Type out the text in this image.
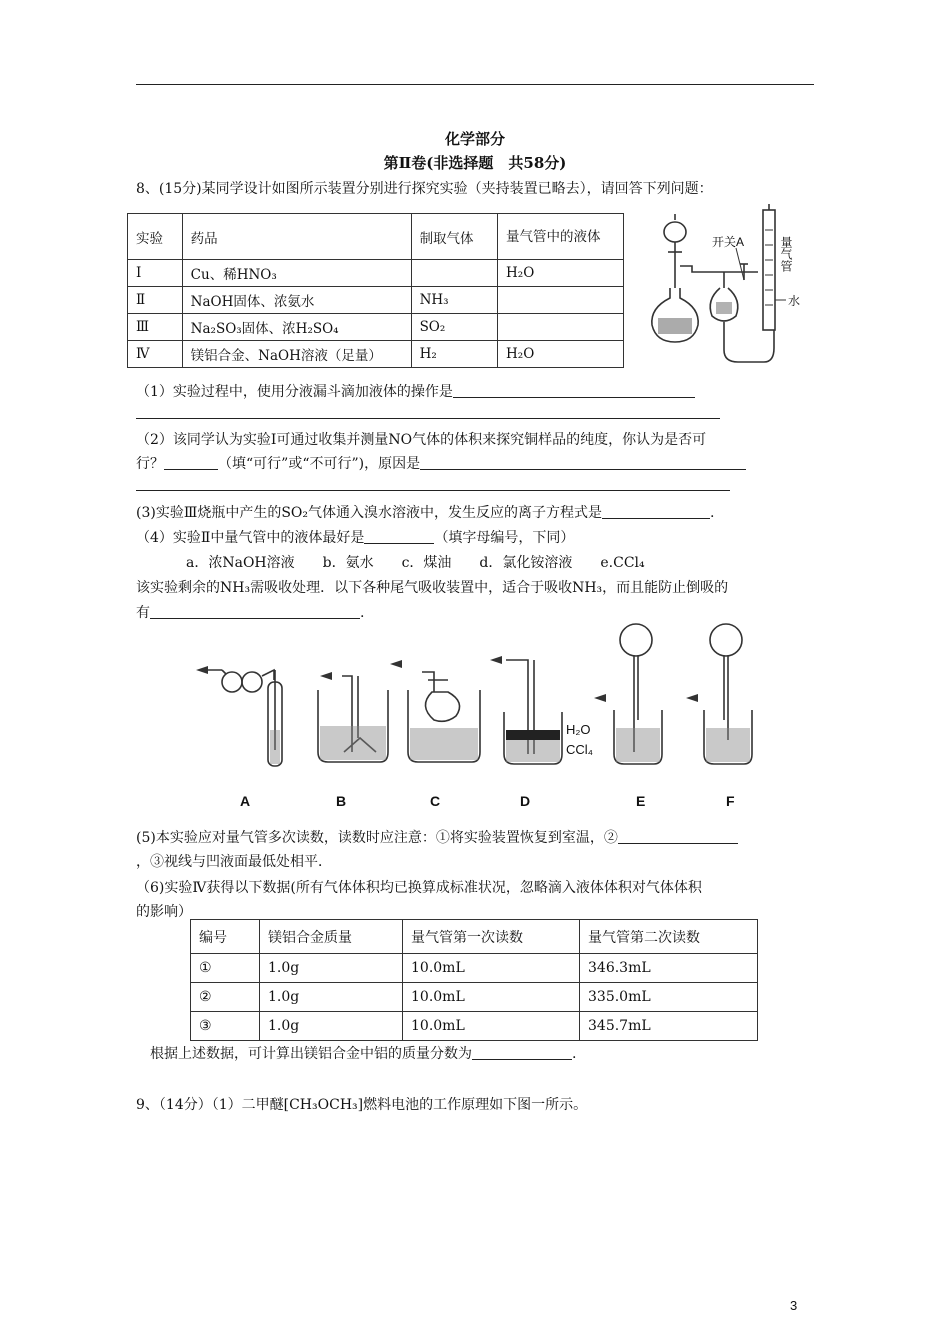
化学部分
第Ⅱ卷(非选择题　共58分)
8、(15分)某同学设计如图所示装置分别进行探究实验（夹持装置已略去），请回答下列问题：
实验	药品	制取气体	量气管中的液体
Ⅰ	Cu、稀HNO₃		H₂O
Ⅱ	NaOH固体、浓氨水	NH₃	
Ⅲ	Na₂SO₃固体、浓H₂SO₄	SO₂	
Ⅳ	镁铝合金、NaOH溶液（足量）	H₂	H₂O
开关A	量气管
水
（1）实验过程中，使用分液漏斗滴加液体的操作是
（2）该同学认为实验Ⅰ可通过收集并测量NO气体的体积来探究铜样品的纯度，你认为是否可
行？	（填“可行”或“不可行”)，原因是
(3)实验Ⅲ烧瓶中产生的SO₂气体通入溴水溶液中，发生反应的离子方程式是	.
（4）实验Ⅱ中量气管中的液体最好是	（填字母编号，下同）
a．浓NaOH溶液　　b．氨水　　c．煤油　　d．氯化铵溶液　　e.CCl₄
该实验剩余的NH₃需吸收处理．以下各种尾气吸收装置中，适合于吸收NH₃，而且能防止倒吸的
有	.
H₂O
CCl₄
A	B	C	D	E	F
(5)本实验应对量气管多次读数，读数时应注意：①将实验装置恢复到室温，②
，③视线与凹液面最低处相平．
（6)实验Ⅳ获得以下数据(所有气体体积均已换算成标准状况，忽略滴入液体体积对气体体积
的影响）
编号	镁铝合金质量	量气管第一次读数	量气管第二次读数
①	1.0g	10.0mL	346.3mL
②	1.0g	10.0mL	335.0mL
③	1.0g	10.0mL	345.7mL
根据上述数据，可计算出镁铝合金中铝的质量分数为	.
9、（14分）（1）二甲醚[CH₃OCH₃]燃料电池的工作原理如下图一所示。
3
